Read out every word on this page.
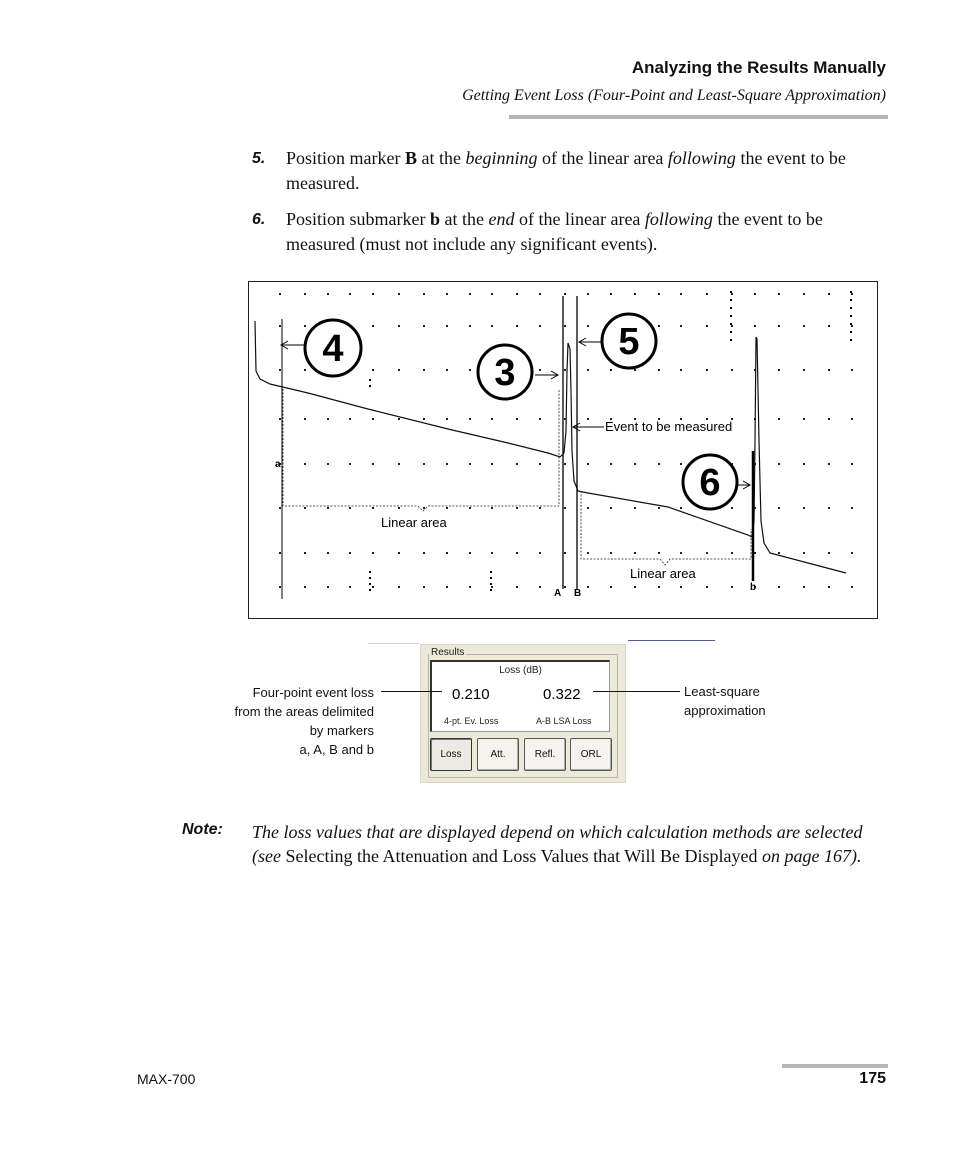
Analyzing the Results Manually
Getting Event Loss (Four-Point and Least-Square Approximation)
5. Position marker B at the beginning of the linear area following the event to be measured.
6. Position submarker b at the end of the linear area following the event to be measured (must not include any significant events).
4
3
5
6
Event to be measured
Linear area
Linear area
a
A B
b
Results
Loss (dB)
0.210	0.322
4-pt. Ev. Loss	A-B LSA Loss
Loss	Att.	Refl.	ORL
Four-point event loss
from the areas delimited
by markers
a, A, B and b
Least-square
approximation
Note: The loss values that are displayed depend on which calculation methods are selected (see Selecting the Attenuation and Loss Values that Will Be Displayed on page 167).
MAX-700	175
